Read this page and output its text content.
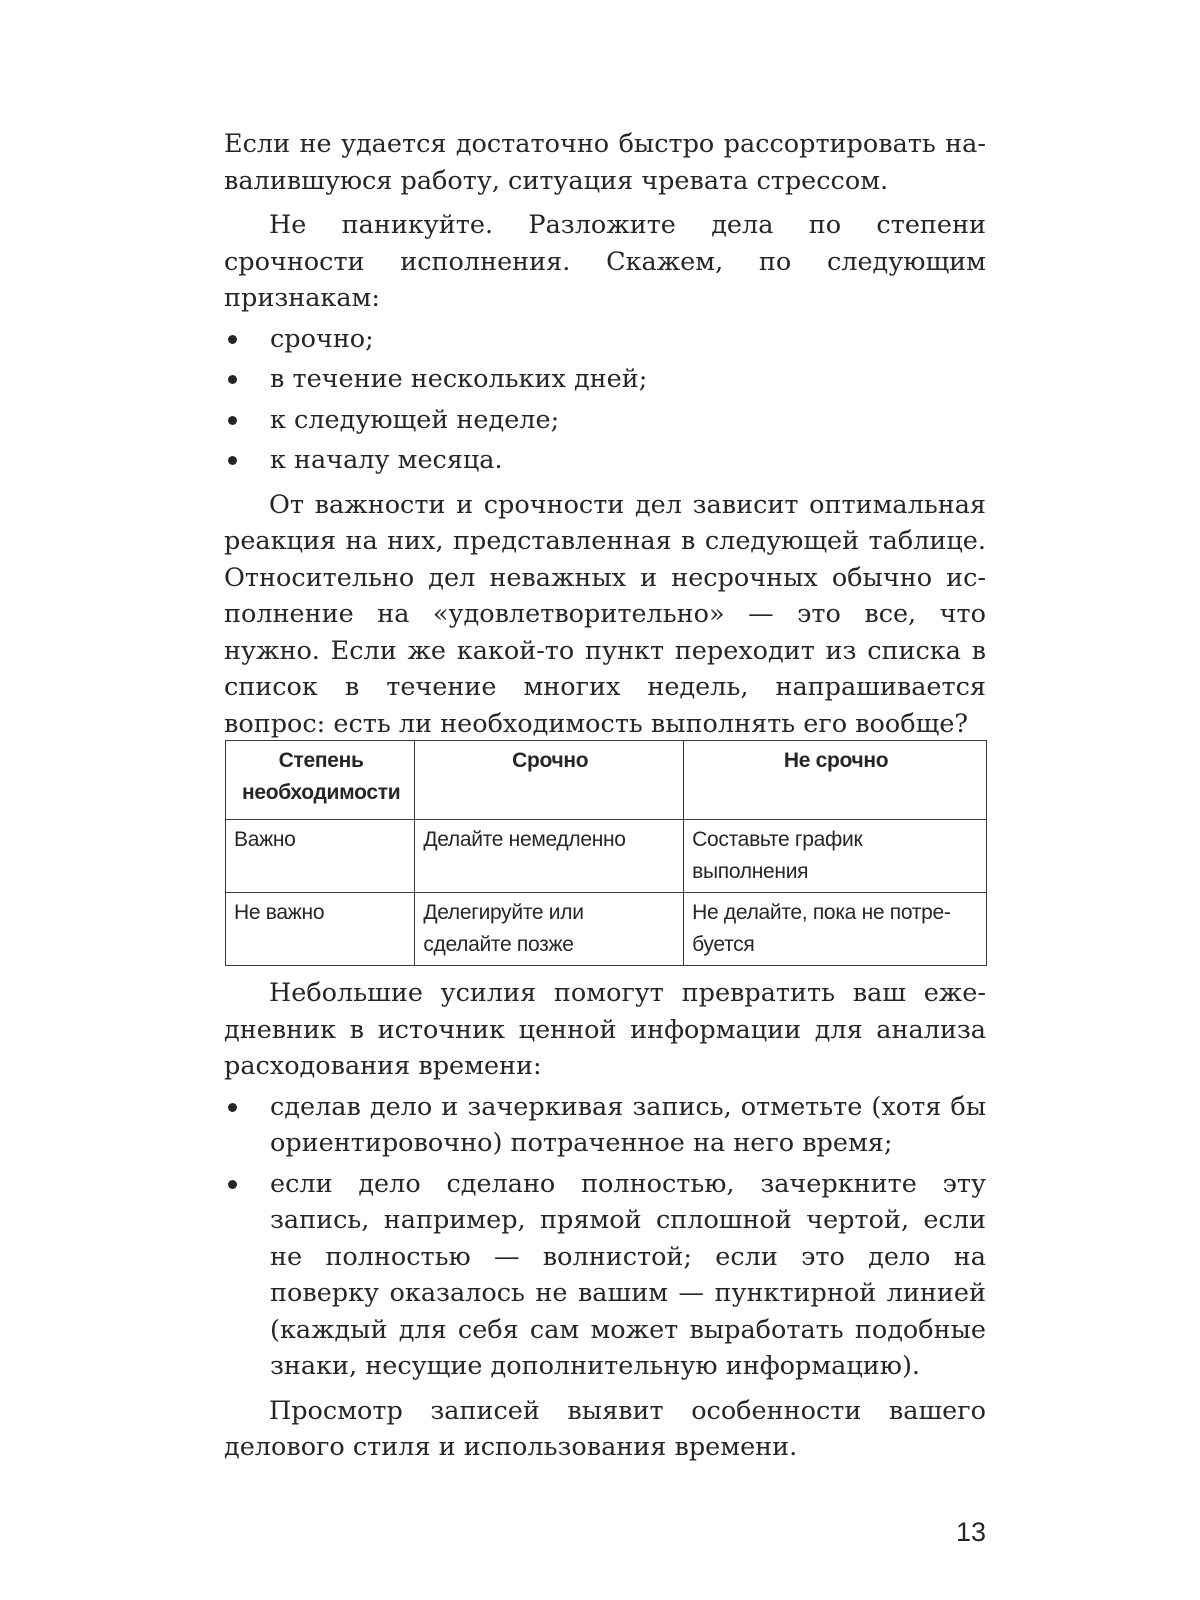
Если не удается достаточно быстро рассортировать навалившуюся работу, ситуация чревата стрессом.

Не паникуйте. Разложите дела по степени срочности исполнения. Скажем, по следующим признакам:

срочно;
в течение нескольких дней;
к следующей неделе;
к началу месяца.

От важности и срочности дел зависит оптимальная реакция на них, представленная в следующей таблице. Относительно дел неважных и несрочных обычно исполнение на «удовлетворительно» — это все, что нужно. Если же какой-то пункт переходит из списка в список в течение многих недель, напрашивается вопрос: есть ли необходимость выполнять его вообще?

Степень необходимости	Срочно	Не срочно
Важно	Делайте немедленно	Составьте график выполнения
Не важно	Делегируйте или сделайте позже	Не делайте, пока не потребуется

Небольшие усилия помогут превратить ваш ежедневник в источник ценной информации для анализа расходования времени:

сделав дело и зачеркивая запись, отметьте (хотя бы ориентировочно) потраченное на него время;
если дело сделано полностью, зачеркните эту запись, например, прямой сплошной чертой, если не полностью — волнистой; если это дело на поверку оказалось не вашим — пунктирной линией (каждый для себя сам может выработать подобные знаки, несущие дополнительную информацию).

Просмотр записей выявит особенности вашего делового стиля и использования времени.

13
